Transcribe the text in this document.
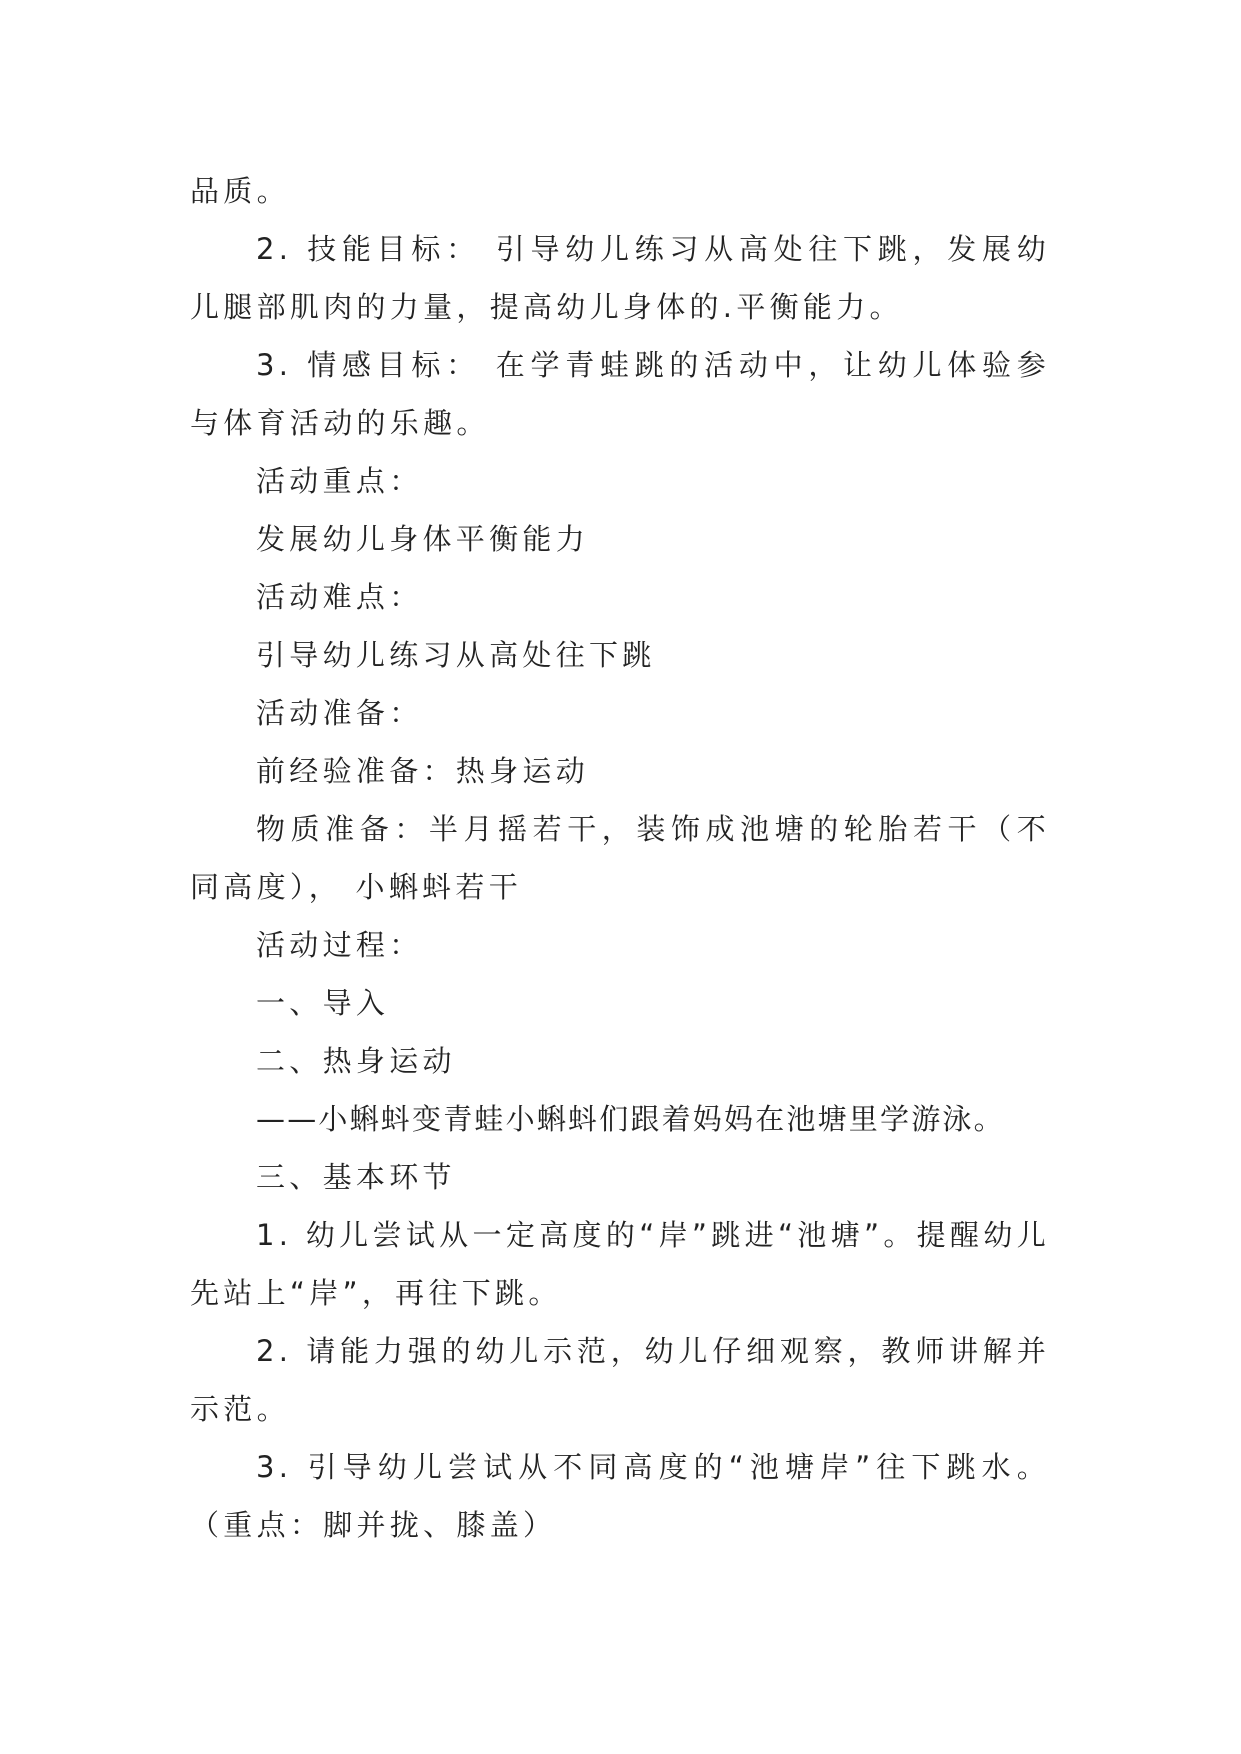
品质。

2. 技能目标： 引导幼儿练习从高处往下跳，发展幼儿腿部肌肉的力量，提高幼儿身体的.平衡能力。

3. 情感目标： 在学青蛙跳的活动中，让幼儿体验参与体育活动的乐趣。

活动重点：

发展幼儿身体平衡能力

活动难点：

引导幼儿练习从高处往下跳

活动准备：

前经验准备：热身运动

物质准备：半月摇若干，装饰成池塘的轮胎若干（不同高度）， 小蝌蚪若干

活动过程：

一、导入

二、热身运动

——小蝌蚪变青蛙小蝌蚪们跟着妈妈在池塘里学游泳。

三、基本环节

1. 幼儿尝试从一定高度的“岸”跳进“池塘”。提醒幼儿先站上“岸”，再往下跳。

2. 请能力强的幼儿示范，幼儿仔细观察，教师讲解并示范。

3. 引导幼儿尝试从不同高度的“池塘岸”往下跳水。（重点：脚并拢、膝盖）
